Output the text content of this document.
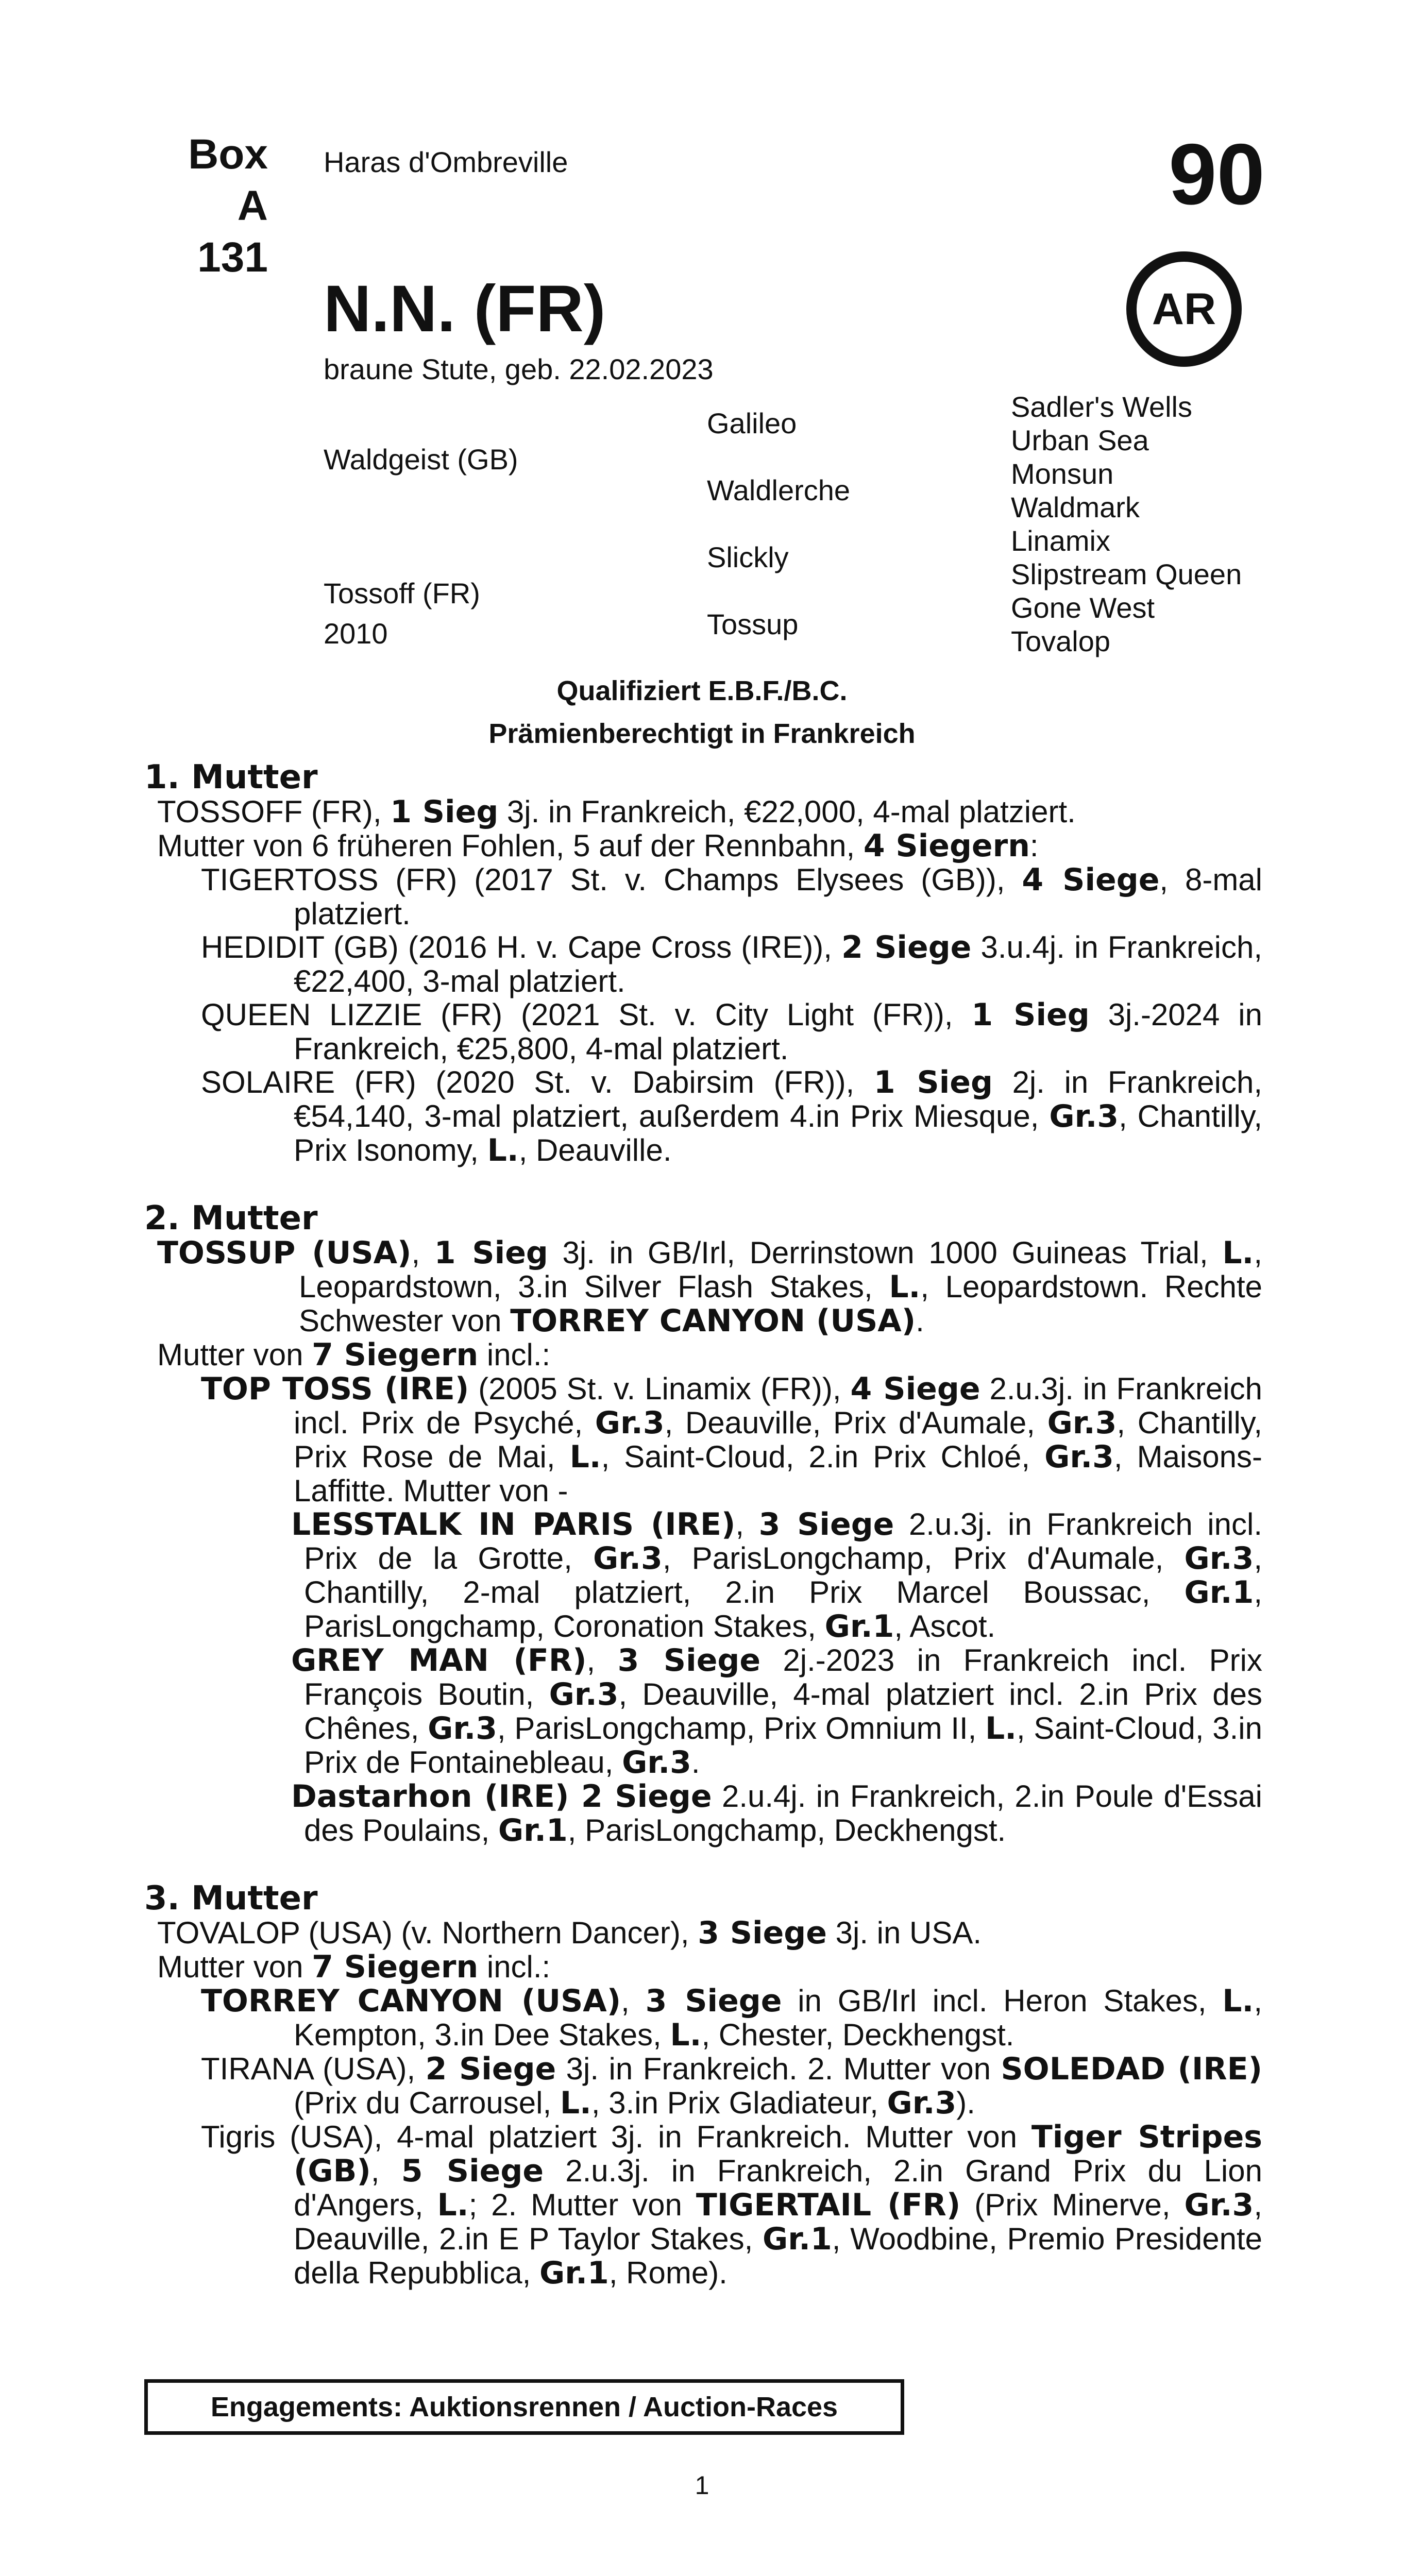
Box
A 131
Haras d'Ombreville	90
AR
N.N. (FR)
braune Stute, geb. 22.02.2023
Waldgeist (GB)
Tossoff (FR)
2010
Galileo
Waldlerche
Slickly
Tossup
Sadler's Wells
Urban Sea
Monsun
Waldmark
Linamix
Slipstream Queen
Gone West
Tovalop
Qualifiziert E.B.F./B.C.
Prämienberechtigt in Frankreich
1. Mutter
TOSSOFF (FR), 1 Sieg 3j. in Frankreich, €22,000, 4-mal platziert.
Mutter von 6 früheren Fohlen, 5 auf der Rennbahn, 4 Siegern:
TIGERTOSS (FR) (2017 St. v. Champs Elysees (GB)), 4 Siege, 8-mal platziert.
HEDIDIT (GB) (2016 H. v. Cape Cross (IRE)), 2 Siege 3.u.4j. in Frankreich, €22,400, 3-mal platziert.
QUEEN LIZZIE (FR) (2021 St. v. City Light (FR)), 1 Sieg 3j.-2024 in Frankreich, €25,800, 4-mal platziert.
SOLAIRE (FR) (2020 St. v. Dabirsim (FR)), 1 Sieg 2j. in Frankreich, €54,140, 3-mal platziert, außerdem 4.in Prix Miesque, Gr.3, Chantilly, Prix Isonomy, L., Deauville.
2. Mutter
TOSSUP (USA), 1 Sieg 3j. in GB/Irl, Derrinstown 1000 Guineas Trial, L., Leopardstown, 3.in Silver Flash Stakes, L., Leopardstown. Rechte Schwester von TORREY CANYON (USA).
Mutter von 7 Siegern incl.:
TOP TOSS (IRE) (2005 St. v. Linamix (FR)), 4 Siege 2.u.3j. in Frankreich incl. Prix de Psyché, Gr.3, Deauville, Prix d'Aumale, Gr.3, Chantilly, Prix Rose de Mai, L., Saint-Cloud, 2.in Prix Chloé, Gr.3, Maisons-Laffitte. Mutter von -
LESSTALK IN PARIS (IRE), 3 Siege 2.u.3j. in Frankreich incl. Prix de la Grotte, Gr.3, ParisLongchamp, Prix d'Aumale, Gr.3, Chantilly, 2-mal platziert, 2.in Prix Marcel Boussac, Gr.1, ParisLongchamp, Coronation Stakes, Gr.1, Ascot.
GREY MAN (FR), 3 Siege 2j.-2023 in Frankreich incl. Prix François Boutin, Gr.3, Deauville, 4-mal platziert incl. 2.in Prix des Chênes, Gr.3, ParisLongchamp, Prix Omnium II, L., Saint-Cloud, 3.in Prix de Fontainebleau, Gr.3.
Dastarhon (IRE) 2 Siege 2.u.4j. in Frankreich, 2.in Poule d'Essai des Poulains, Gr.1, ParisLongchamp, Deckhengst.
3. Mutter
TOVALOP (USA) (v. Northern Dancer), 3 Siege 3j. in USA.
Mutter von 7 Siegern incl.:
TORREY CANYON (USA), 3 Siege in GB/Irl incl. Heron Stakes, L., Kempton, 3.in Dee Stakes, L., Chester, Deckhengst.
TIRANA (USA), 2 Siege 3j. in Frankreich. 2. Mutter von SOLEDAD (IRE) (Prix du Carrousel, L., 3.in Prix Gladiateur, Gr.3).
Tigris (USA), 4-mal platziert 3j. in Frankreich. Mutter von Tiger Stripes (GB), 5 Siege 2.u.3j. in Frankreich, 2.in Grand Prix du Lion d'Angers, L.; 2. Mutter von TIGERTAIL (FR) (Prix Minerve, Gr.3, Deauville, 2.in E P Taylor Stakes, Gr.1, Woodbine, Premio Presidente della Repubblica, Gr.1, Rome).
Engagements: Auktionsrennen / Auction-Races
1
